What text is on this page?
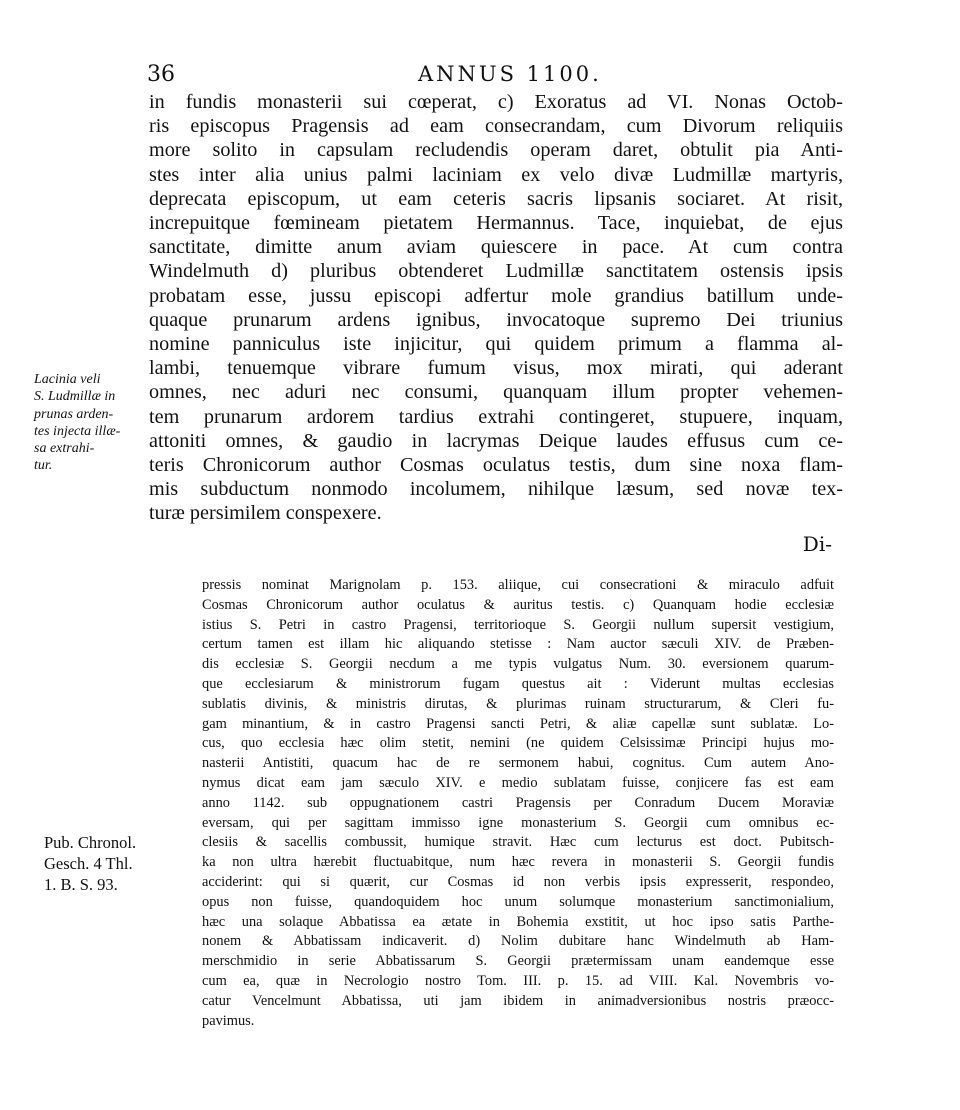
36	ANNUS 1100.
in fundis monasterii sui cœperat, c) Exoratus ad VI. Nonas Octob-
ris episcopus Pragensis ad eam consecrandam, cum Divorum reliquiis
more solito in capsulam recludendis operam daret, obtulit pia Anti-
stes inter alia unius palmi laciniam ex velo divæ Ludmillæ martyris,
deprecata episcopum, ut eam ceteris sacris lipsanis sociaret. At risit,
increpuitque fœmineam pietatem Hermannus. Tace, inquiebat, de ejus
sanctitate, dimitte anum aviam quiescere in pace. At cum contra
Windelmuth d) pluribus obtenderet Ludmillæ sanctitatem ostensis ipsis
probatam esse, jussu episcopi adfertur mole grandius batillum unde-
quaque prunarum ardens ignibus, invocatoque supremo Dei triunius
nomine panniculus iste injicitur, qui quidem primum a flamma al-
lambi, tenuemque vibrare fumum visus, mox mirati, qui aderant
omnes, nec aduri nec consumi, quanquam illum propter vehemen-
tem prunarum ardorem tardius extrahi contingeret, stupuere, inquam,
attoniti omnes, & gaudio in lacrymas Deique laudes effusus cum ce-
teris Chronicorum author Cosmas oculatus testis, dum sine noxa flam-
mis subductum nonmodo incolumem, nihilque læsum, sed novæ tex-
turæ persimilem conspexere.
Di-
Lacinia veli
S. Ludmillæ in
prunas arden-
tes injecta illæ-
sa extrahi-
tur.
Pub. Chronol.
Gesch. 4 Thl.
1. B. S. 93.
pressis nominat Marignolam p. 153. aliique, cui consecrationi & miraculo adfuit
Cosmas Chronicorum author oculatus & auritus testis. c) Quanquam hodie ecclesiæ
istius S. Petri in castro Pragensi, territorioque S. Georgii nullum supersit vestigium,
certum tamen est illam hic aliquando stetisse : Nam auctor sæculi XIV. de Præben-
dis ecclesiæ S. Georgii necdum a me typis vulgatus Num. 30. eversionem quarum-
que ecclesiarum & ministrorum fugam questus ait : Viderunt multas ecclesias
sublatis divinis, & ministris dirutas, & plurimas ruinam structurarum, & Cleri fu-
gam minantium, & in castro Pragensi sancti Petri, & aliæ capellæ sunt sublatæ. Lo-
cus, quo ecclesia hæc olim stetit, nemini (ne quidem Celsissimæ Principi hujus mo-
nasterii Antistiti, quacum hac de re sermonem habui, cognitus. Cum autem Ano-
nymus dicat eam jam sæculo XIV. e medio sublatam fuisse, conjicere fas est eam
anno 1142. sub oppugnationem castri Pragensis per Conradum Ducem Moraviæ
eversam, qui per sagittam immisso igne monasterium S. Georgii cum omnibus ec-
clesiis & sacellis combussit, humique stravit. Hæc cum lecturus est doct. Pubitsch-
ka non ultra hærebit fluctuabitque, num hæc revera in monasterii S. Georgii fundis
acciderint: qui si quærit, cur Cosmas id non verbis ipsis expresserit, respondeo,
opus non fuisse, quandoquidem hoc unum solumque monasterium sanctimonialium,
hæc una solaque Abbatissa ea ætate in Bohemia exstitit, ut hoc ipso satis Parthe-
nonem & Abbatissam indicaverit. d) Nolim dubitare hanc Windelmuth ab Ham-
merschmidio in serie Abbatissarum S. Georgii prætermissam unam eandemque esse
cum ea, quæ in Necrologio nostro Tom. III. p. 15. ad VIII. Kal. Novembris vo-
catur Vencelmunt Abbatissa, uti jam ibidem in animadversionibus nostris præocc-
pavimus.
